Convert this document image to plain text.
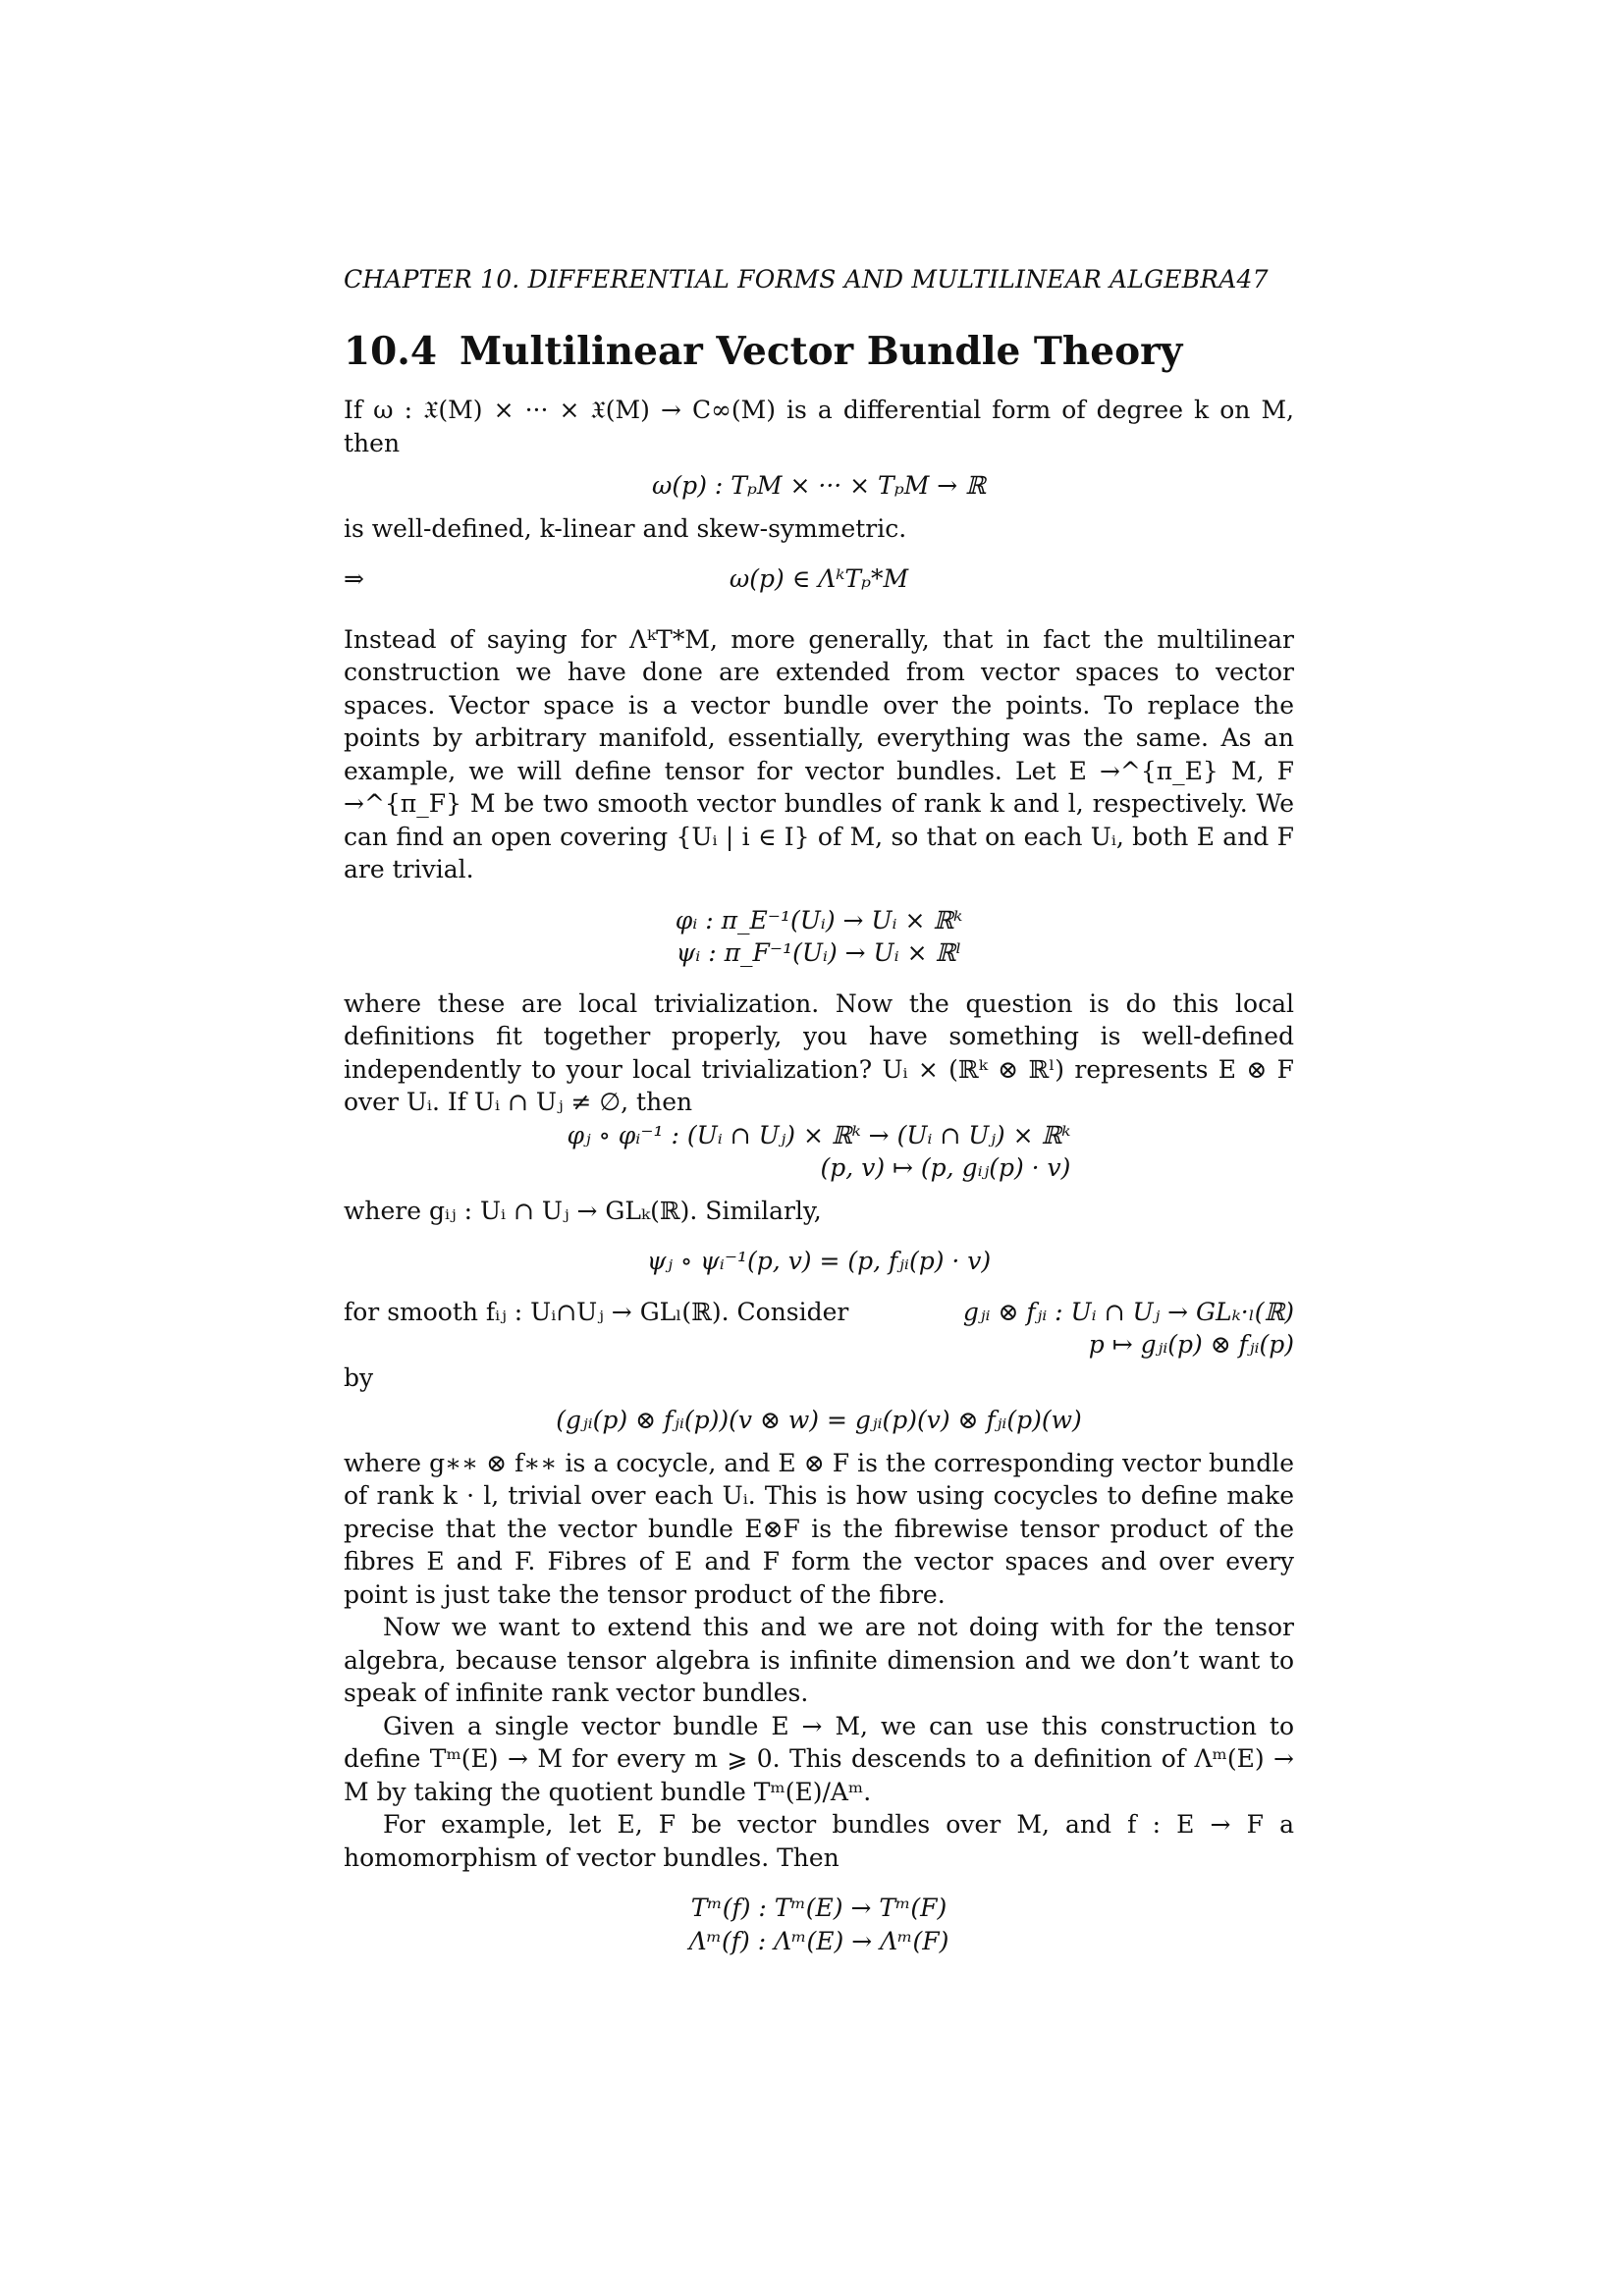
CHAPTER 10. DIFFERENTIAL FORMS AND MULTILINEAR ALGEBRA47
10.4 Multilinear Vector Bundle Theory

If ω : 𝔛(M) × ··· × 𝔛(M) → C∞(M) is a differential form of degree k on M, then

ω(p) : TₚM × ··· × TₚM → ℝ

is well-defined, k-linear and skew-symmetric.

⇒	ω(p) ∈ ΛᵏTₚ*M

Instead of saying for ΛᵏT*M, more generally, that in fact the multilinear construction we have done are extended from vector spaces to vector spaces. Vector space is a vector bundle over the points. To replace the points by arbitrary manifold, essentially, everything was the same. As an example, we will define tensor for vector bundles. Let E →^{π_E} M, F →^{π_F} M be two smooth vector bundles of rank k and l, respectively. We can find an open covering {Uᵢ | i ∈ I} of M, so that on each Uᵢ, both E and F are trivial.

φᵢ : π_E⁻¹(Uᵢ) → Uᵢ × ℝᵏ
ψᵢ : π_F⁻¹(Uᵢ) → Uᵢ × ℝˡ

where these are local trivialization. Now the question is do this local definitions fit together properly, you have something is well-defined independently to your local trivialization? Uᵢ × (ℝᵏ ⊗ ℝˡ) represents E ⊗ F over Uᵢ. If Uᵢ ∩ Uⱼ ≠ ∅, then

φⱼ ∘ φᵢ⁻¹ : (Uᵢ ∩ Uⱼ) × ℝᵏ → (Uᵢ ∩ Uⱼ) × ℝᵏ
(p, v) ↦ (p, gᵢⱼ(p) · v)

where gᵢⱼ : Uᵢ ∩ Uⱼ → GLₖ(ℝ). Similarly,

ψⱼ ∘ ψᵢ⁻¹(p, v) = (p, fⱼᵢ(p) · v)

for smooth fᵢⱼ : Uᵢ∩Uⱼ → GLₗ(ℝ). Consider	gⱼᵢ ⊗ fⱼᵢ : Uᵢ ∩ Uⱼ → GLₖ·ₗ(ℝ)

p ↦ gⱼᵢ(p) ⊗ fⱼᵢ(p)

by

(gⱼᵢ(p) ⊗ fⱼᵢ(p))(v ⊗ w) = gⱼᵢ(p)(v) ⊗ fⱼᵢ(p)(w)

where g∗∗ ⊗ f∗∗ is a cocycle, and E ⊗ F is the corresponding vector bundle of rank k · l, trivial over each Uᵢ. This is how using cocycles to define make precise that the vector bundle E⊗F is the fibrewise tensor product of the fibres E and F. Fibres of E and F form the vector spaces and over every point is just take the tensor product of the fibre.

Now we want to extend this and we are not doing with for the tensor algebra, because tensor algebra is infinite dimension and we don’t want to speak of infinite rank vector bundles.

Given a single vector bundle E → M, we can use this construction to define Tᵐ(E) → M for every m ⩾ 0. This descends to a definition of Λᵐ(E) → M by taking the quotient bundle Tᵐ(E)/Aᵐ.

For example, let E, F be vector bundles over M, and f : E → F a homomorphism of vector bundles. Then

Tᵐ(f) : Tᵐ(E) → Tᵐ(F)
Λᵐ(f) : Λᵐ(E) → Λᵐ(F)
